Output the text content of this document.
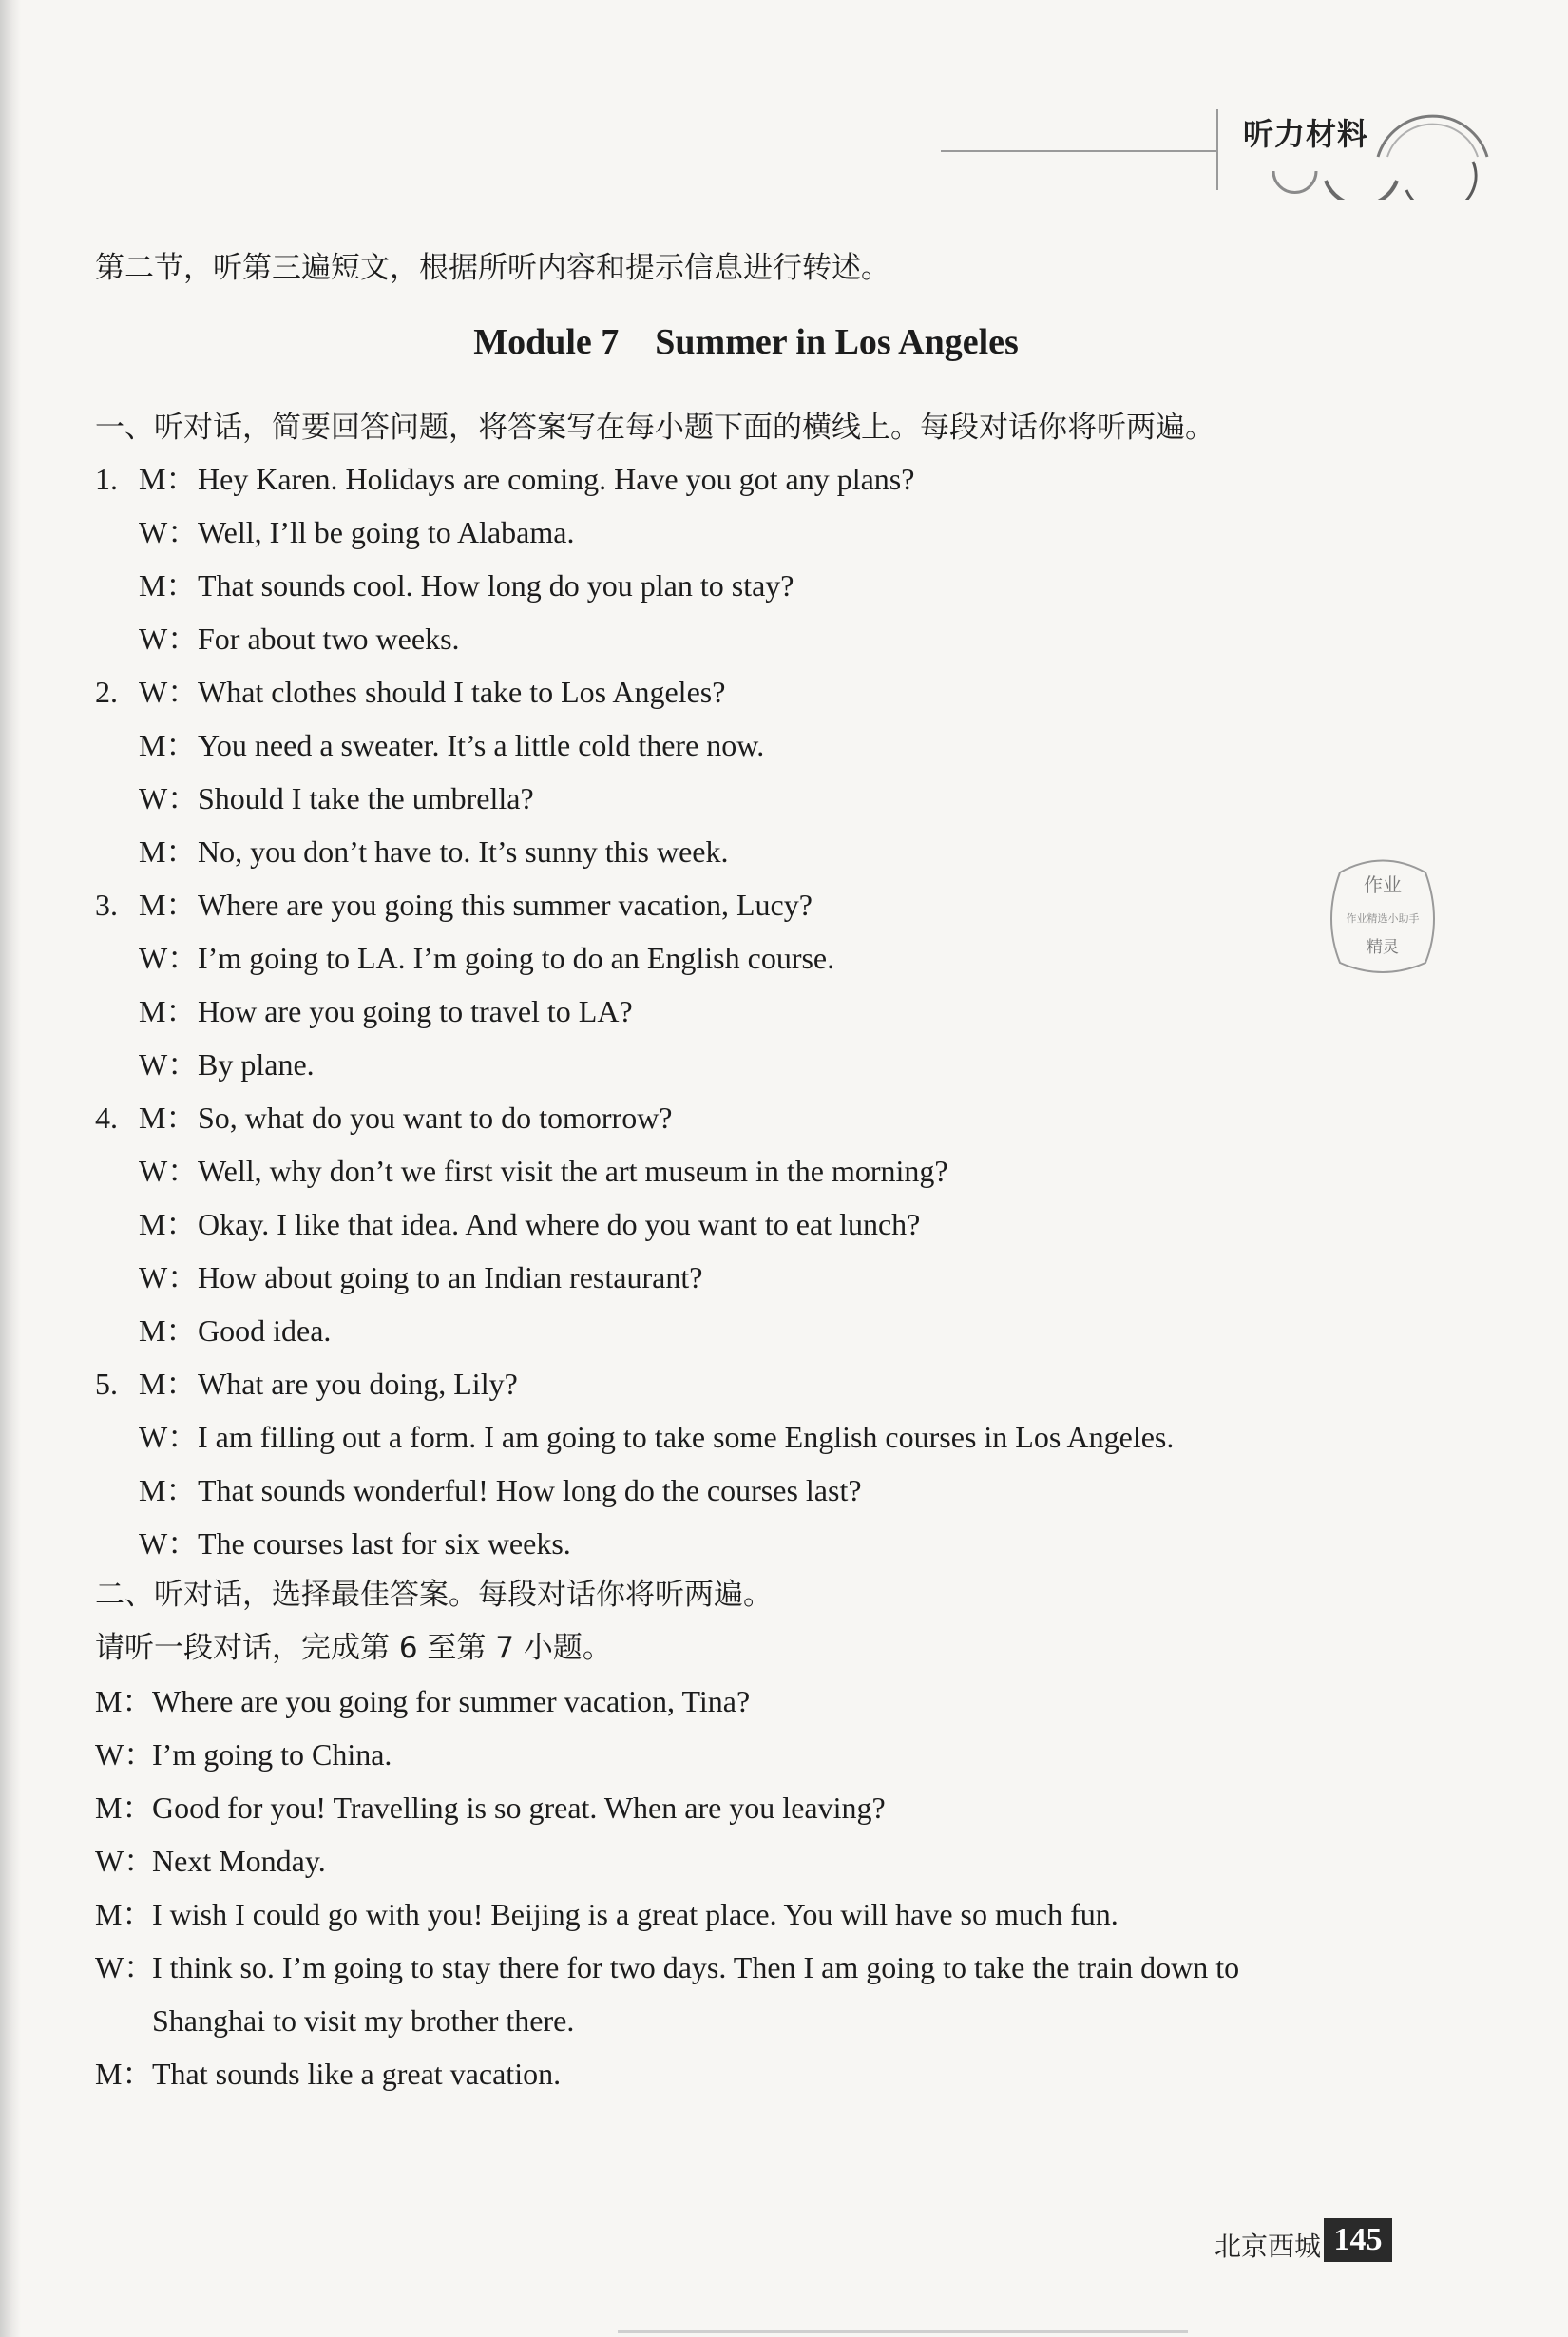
听力材料
第二节，听第三遍短文，根据所听内容和提示信息进行转述。
Module 7    Summer in Los Angeles
一、听对话，简要回答问题，将答案写在每小题下面的横线上。每段对话你将听两遍。
1. M： Hey Karen. Holidays are coming. Have you got any plans?
W： Well, I’ll be going to Alabama.
M： That sounds cool. How long do you plan to stay?
W： For about two weeks.
2. W： What clothes should I take to Los Angeles?
M： You need a sweater. It’s a little cold there now.
W： Should I take the umbrella?
M： No, you don’t have to. It’s sunny this week.
3. M： Where are you going this summer vacation, Lucy?
W： I’m going to LA. I’m going to do an English course.
M： How are you going to travel to LA?
W： By plane.
4. M： So, what do you want to do tomorrow?
W： Well, why don’t we first visit the art museum in the morning?
M： Okay. I like that idea. And where do you want to eat lunch?
W： How about going to an Indian restaurant?
M： Good idea.
5. M： What are you doing, Lily?
W： I am filling out a form. I am going to take some English courses in Los Angeles.
M： That sounds wonderful! How long do the courses last?
W： The courses last for six weeks.
二、听对话，选择最佳答案。每段对话你将听两遍。
请听一段对话，完成第 6 至第 7 小题。
M： Where are you going for summer vacation, Tina?
W：
I’m going to China.
M： Good for you! Travelling is so great. When are you leaving?
W：
Next Monday.
M： I wish I could go with you! Beijing is a great place. You will have so much fun.
W：
I think so. I’m going to stay there for two days. Then I am going to take the train down to
Shanghai to visit my brother there.
M： That sounds like a great vacation.
作业
作业精选小助手
精灵
北京西城 145
